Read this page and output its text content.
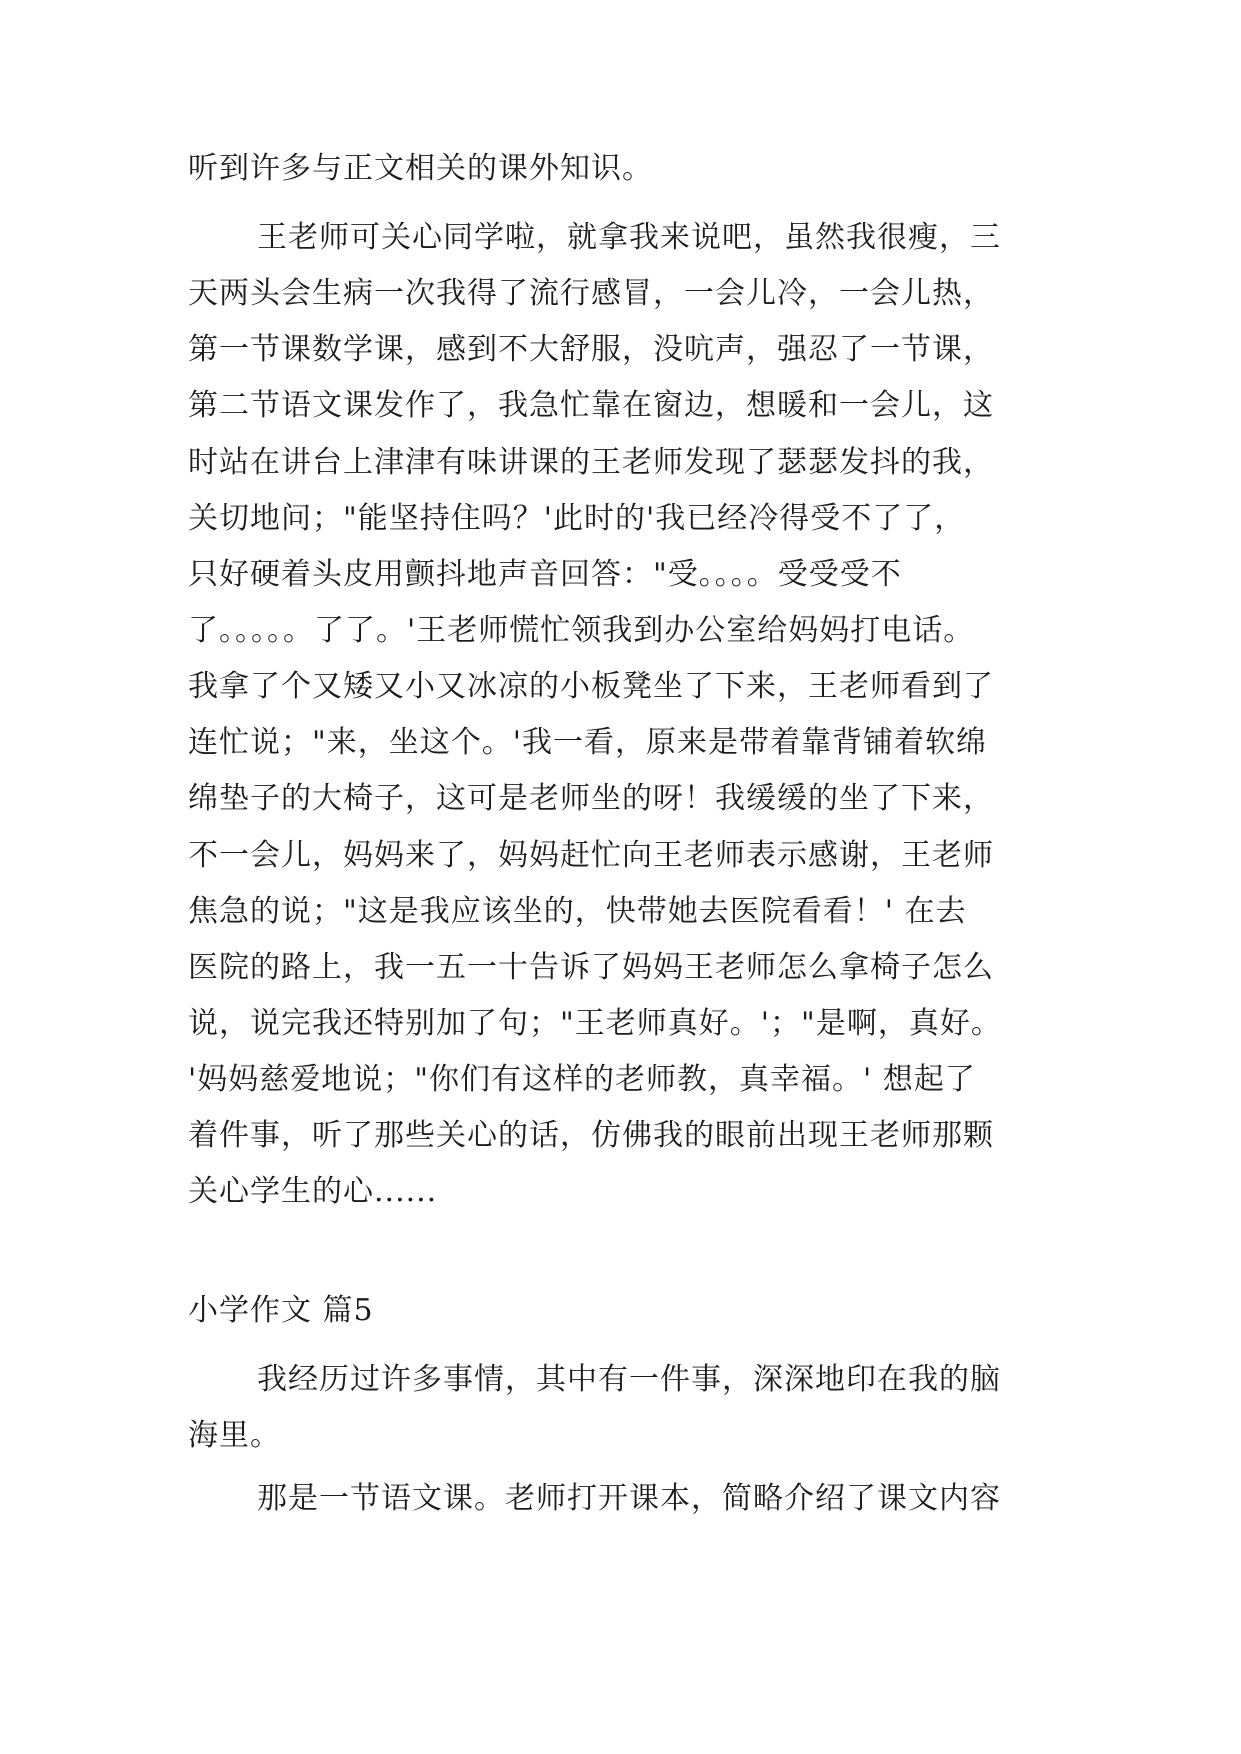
听到许多与正文相关的课外知识。
王老师可关心同学啦，就拿我来说吧，虽然我很瘦，三
天两头会生病一次我得了流行感冒，一会儿冷，一会儿热，
第一节课数学课，感到不大舒服，没吭声，强忍了一节课，
第二节语文课发作了，我急忙靠在窗边，想暖和一会儿，这
时站在讲台上津津有味讲课的王老师发现了瑟瑟发抖的我，
关切地问；"能坚持住吗？'此时的'我已经冷得受不了了，
只好硬着头皮用颤抖地声音回答："受。。。。受受受不
了。。。。。了了。'王老师慌忙领我到办公室给妈妈打电话。
我拿了个又矮又小又冰凉的小板凳坐了下来，王老师看到了
连忙说；"来，坐这个。'我一看，原来是带着靠背铺着软绵
绵垫子的大椅子，这可是老师坐的呀！我缓缓的坐了下来，
不一会儿，妈妈来了，妈妈赶忙向王老师表示感谢，王老师
焦急的说；"这是我应该坐的，快带她去医院看看！' 在去
医院的路上，我一五一十告诉了妈妈王老师怎么拿椅子怎么
说，说完我还特别加了句；"王老师真好。'；"是啊，真好。
'妈妈慈爱地说；"你们有这样的老师教，真幸福。' 想起了
着件事，听了那些关心的话，仿佛我的眼前出现王老师那颗
关心学生的心......
小学作文 篇5
我经历过许多事情，其中有一件事，深深地印在我的脑
海里。
那是一节语文课。老师打开课本，简略介绍了课文内容
